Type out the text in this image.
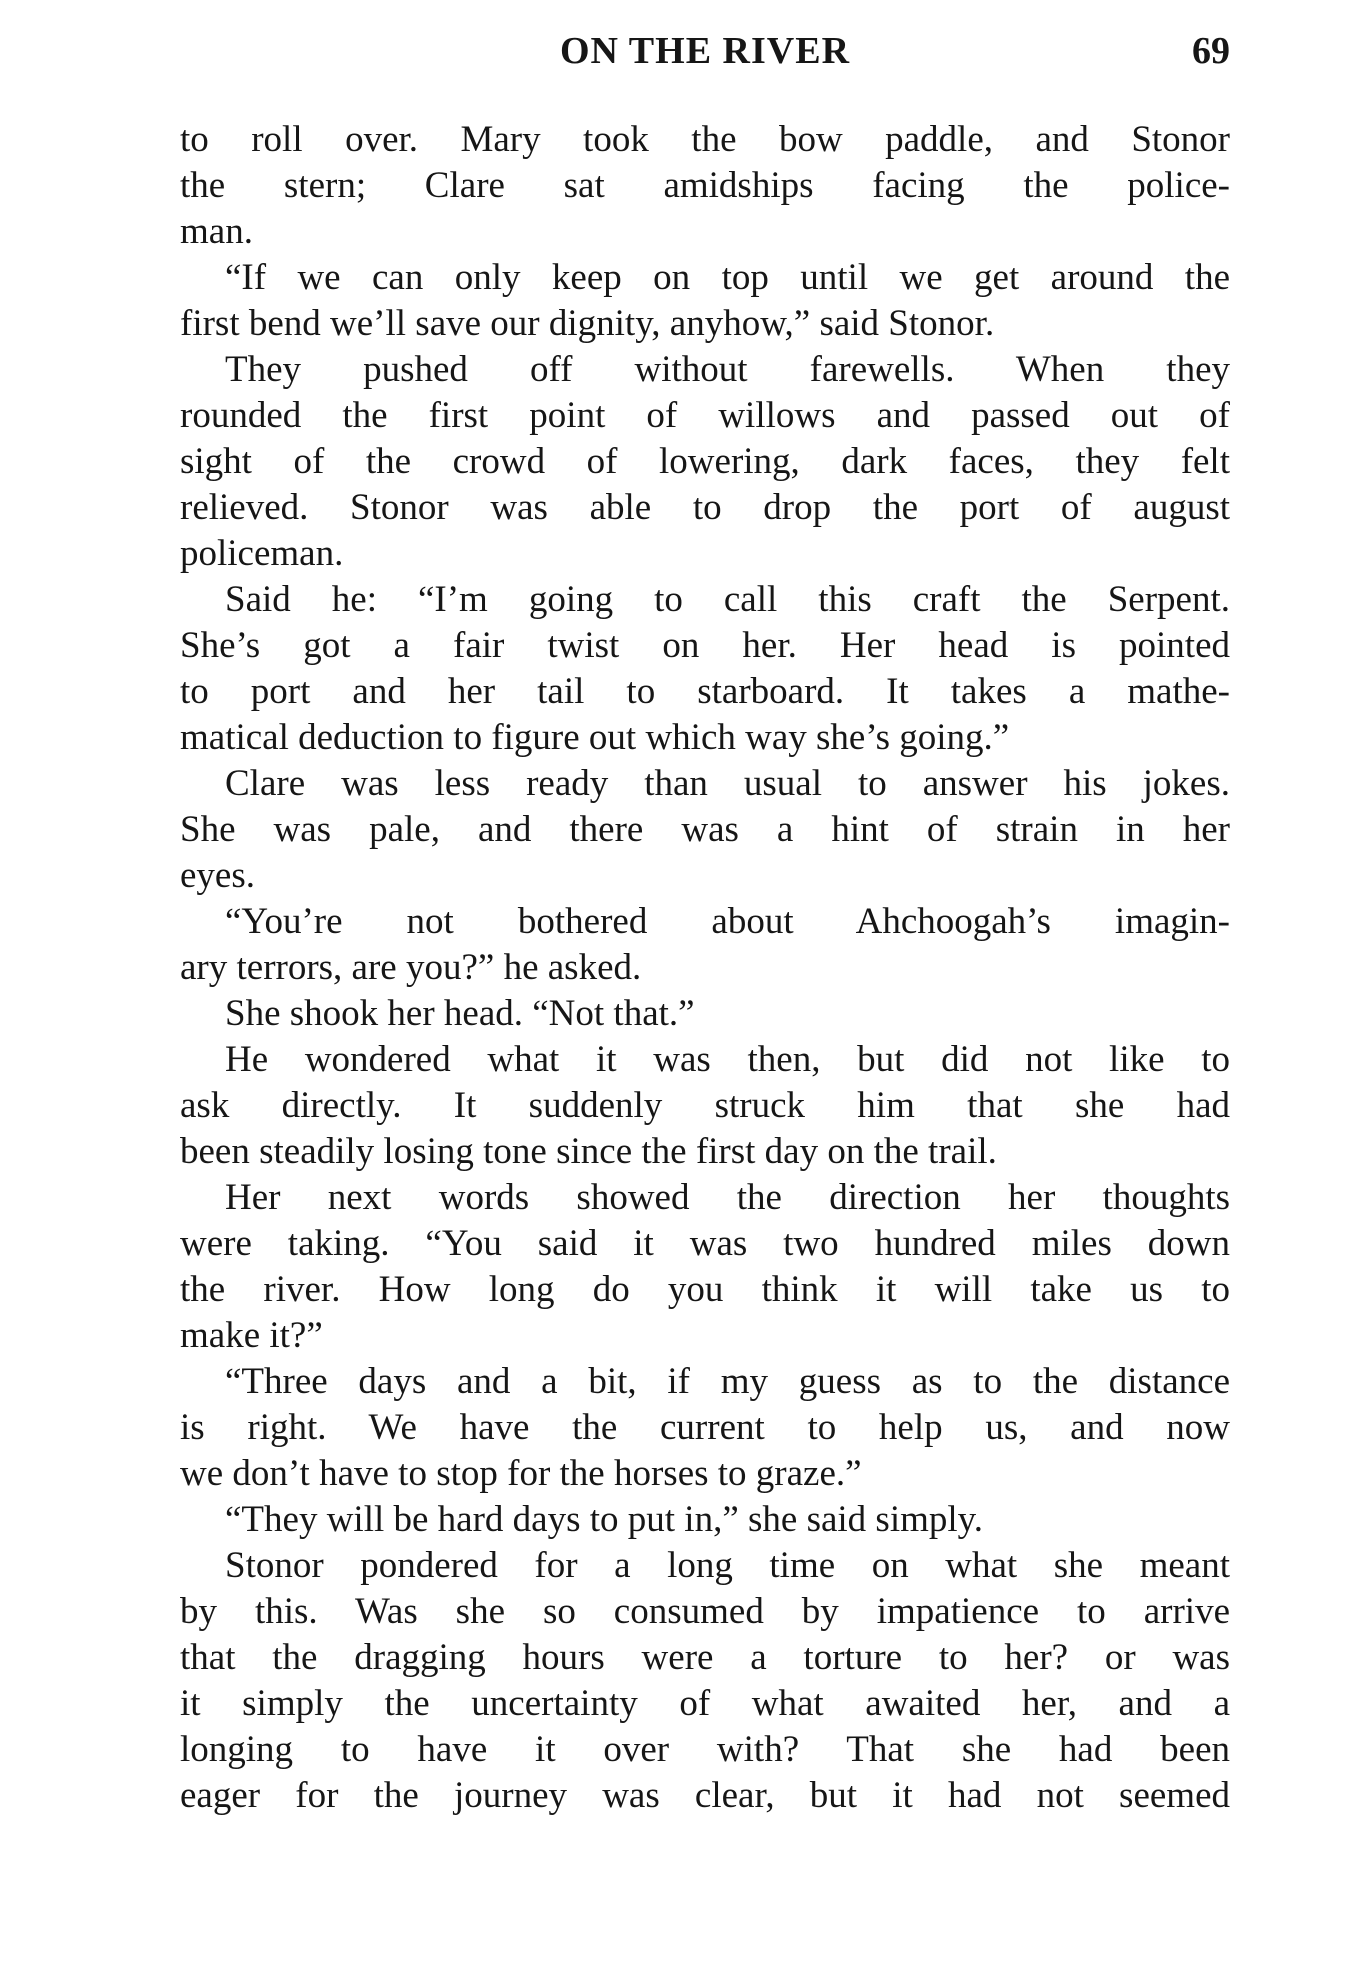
ON THE RIVER	69
to roll over. Mary took the bow paddle, and Stonor
the stern; Clare sat amidships facing the police-
man.
“If we can only keep on top until we get around the
first bend we’ll save our dignity, anyhow,” said Stonor.
They pushed off without farewells. When they
rounded the first point of willows and passed out of
sight of the crowd of lowering, dark faces, they felt
relieved. Stonor was able to drop the port of august
policeman.
Said he: “I’m going to call this craft the Serpent.
She’s got a fair twist on her. Her head is pointed
to port and her tail to starboard. It takes a mathe-
matical deduction to figure out which way she’s going.”
Clare was less ready than usual to answer his jokes.
She was pale, and there was a hint of strain in her
eyes.
“You’re not bothered about Ahchoogah’s imagin-
ary terrors, are you?” he asked.
She shook her head. “Not that.”
He wondered what it was then, but did not like to
ask directly. It suddenly struck him that she had
been steadily losing tone since the first day on the trail.
Her next words showed the direction her thoughts
were taking. “You said it was two hundred miles down
the river. How long do you think it will take us to
make it?”
“Three days and a bit, if my guess as to the distance
is right. We have the current to help us, and now
we don’t have to stop for the horses to graze.”
“They will be hard days to put in,” she said simply.
Stonor pondered for a long time on what she meant
by this. Was she so consumed by impatience to arrive
that the dragging hours were a torture to her? or was
it simply the uncertainty of what awaited her, and a
longing to have it over with? That she had been
eager for the journey was clear, but it had not seemed
